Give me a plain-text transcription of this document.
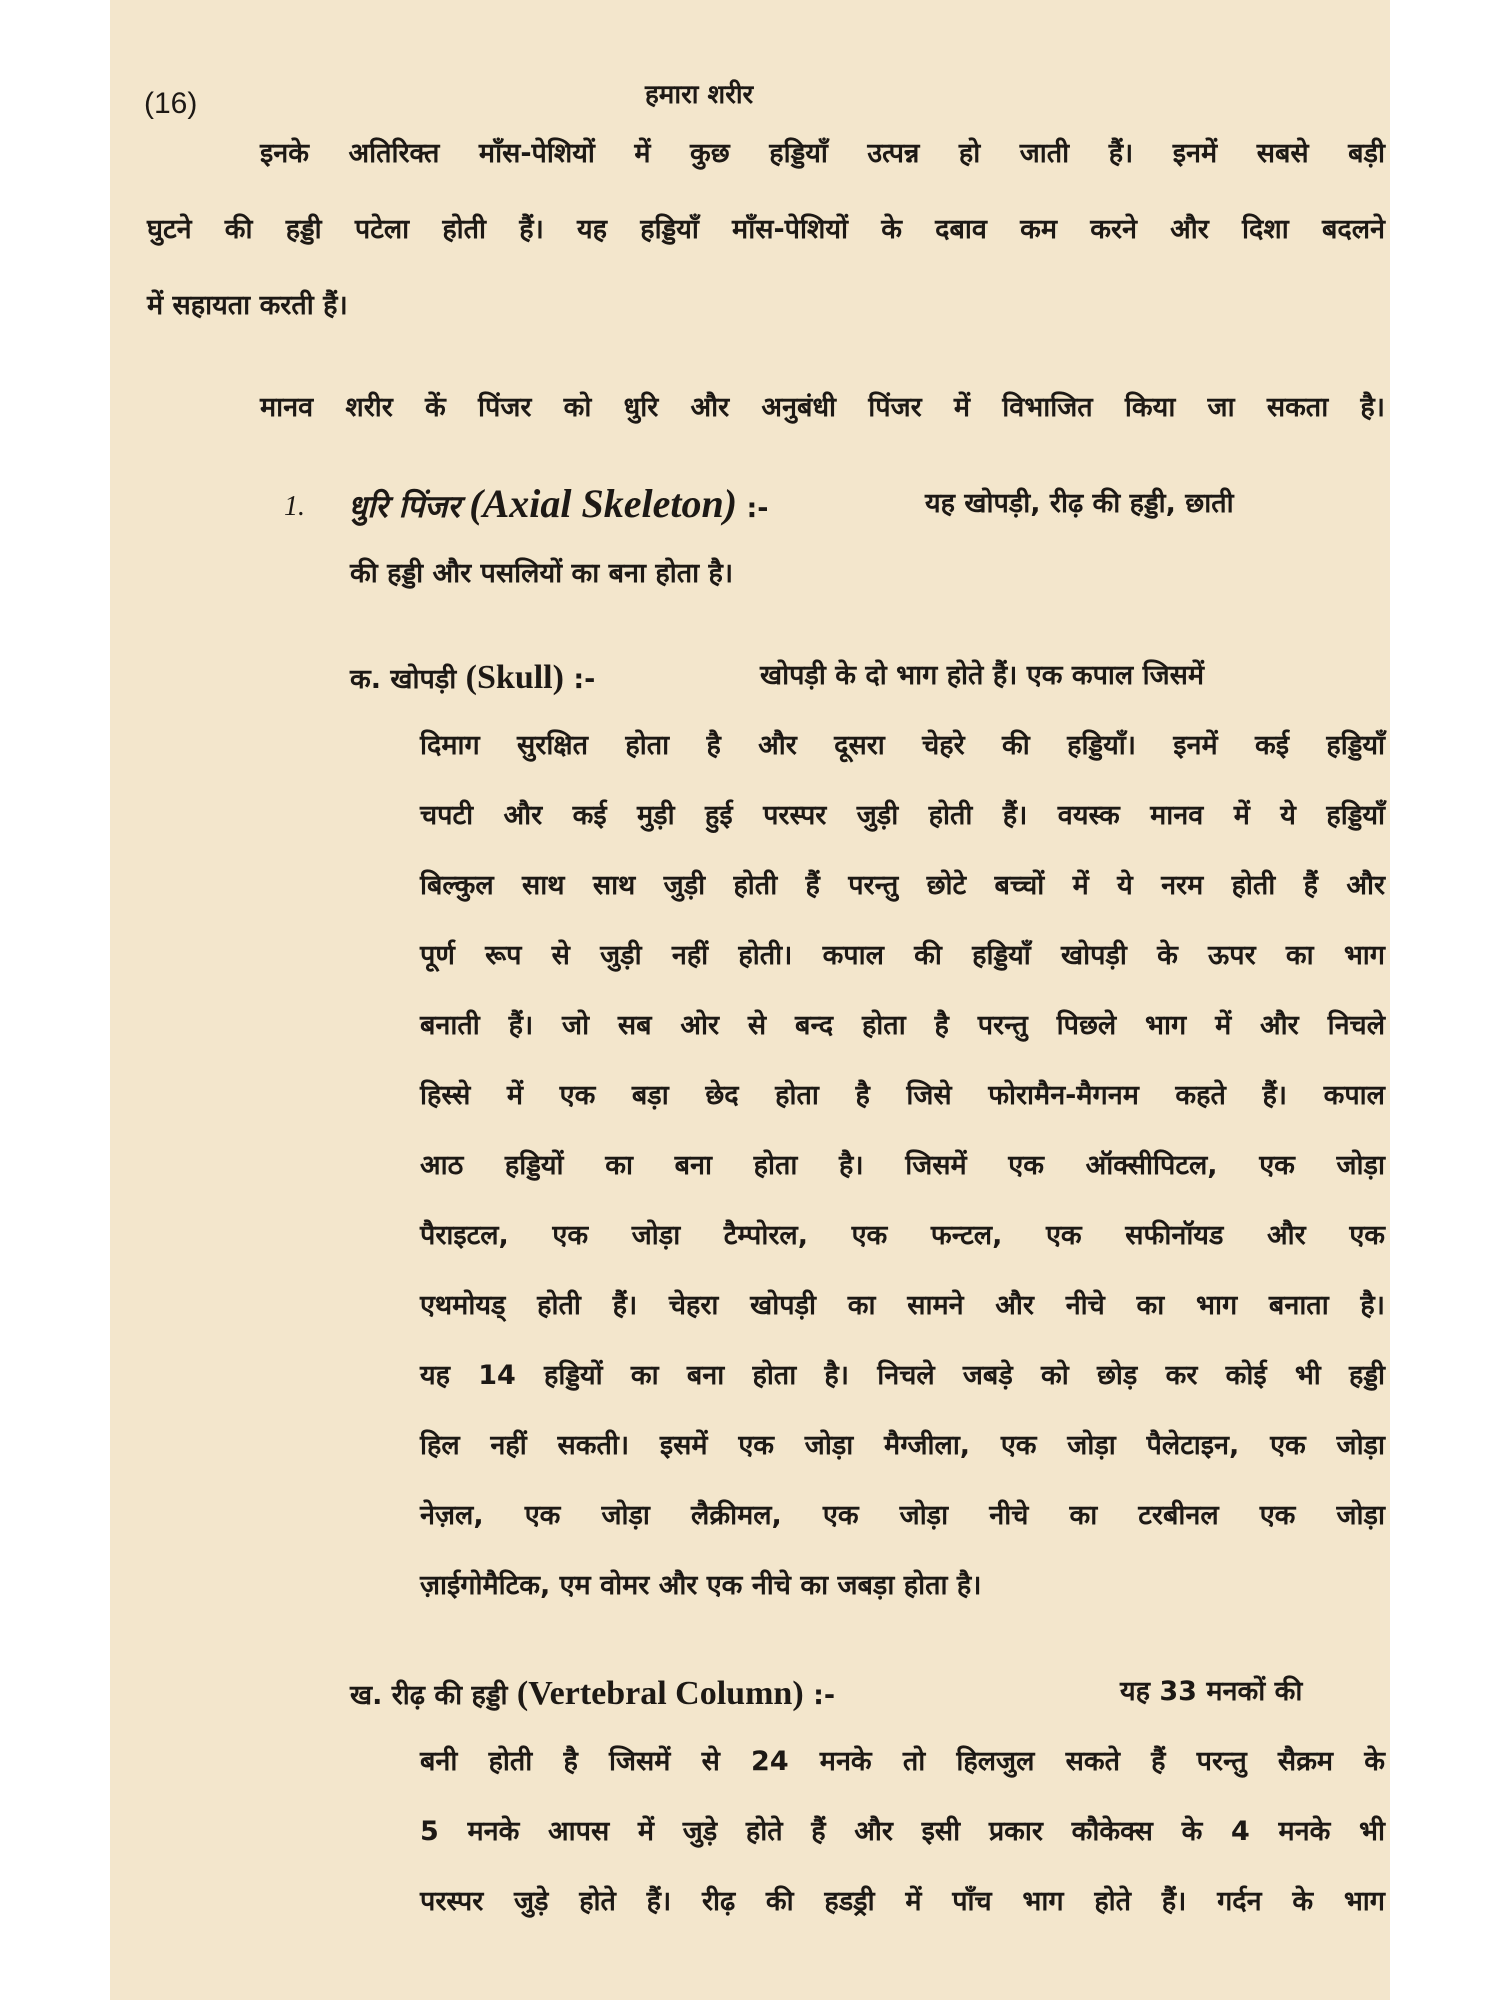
(16)	हमारा शरीर

इनके अतिरिक्त माँस-पेशियों में कुछ हड्डियाँ उत्पन्न हो जाती हैं। इनमें सबसे बड़ी

घुटने की हड्डी पटेला होती हैं। यह हड्डियाँ माँस-पेशियों के दबाव कम करने और दिशा बदलने

में सहायता करती हैं।

मानव शरीर कें पिंजर को धुरि और अनुबंधी पिंजर में विभाजित किया जा सकता है।

1. धुरि पिंजर (Axial Skeleton) :-	यह खोपड़ी, रीढ़ की हड्डी, छाती

की हड्डी और पसलियों का बना होता है।

क. खोपड़ी (Skull) :-	खोपड़ी के दो भाग होते हैं। एक कपाल जिसमें

दिमाग सुरक्षित होता है और दूसरा चेहरे की हड्डियाँ। इनमें कई हड्डियाँ

चपटी और कई मुड़ी हुई परस्पर जुड़ी होती हैं। वयस्क मानव में ये हड्डियाँ

बिल्कुल साथ साथ जुड़ी होती हैं परन्तु छोटे बच्चों में ये नरम होती हैं और

पूर्ण रूप से जुड़ी नहीं होती। कपाल की हड्डियाँ खोपड़ी के ऊपर का भाग

बनाती हैं। जो सब ओर से बन्द होता है परन्तु पिछले भाग में और निचले

हिस्से में एक बड़ा छेद होता है जिसे फोरामैन-मैगनम कहते हैं। कपाल

आठ हड्डियों का बना होता है। जिसमें एक ऑक्सीपिटल, एक जोड़ा

पैराइटल, एक जोड़ा टैम्पोरल, एक फन्टल, एक सफीनॉयड और एक

एथमोयड् होती हैं। चेहरा खोपड़ी का सामने और नीचे का भाग बनाता है।

यह 14 हड्डियों का बना होता है। निचले जबड़े को छोड़ कर कोई भी हड्डी

हिल नहीं सकती। इसमें एक जोड़ा मैग्जीला, एक जोड़ा पैलेटाइन, एक जोड़ा

नेज़ल, एक जोड़ा लैक्रीमल, एक जोड़ा नीचे का टरबीनल एक जोड़ा

ज़ाईगोमैटिक, एम वोमर और एक नीचे का जबड़ा होता है।

ख. रीढ़ की हड्डी (Vertebral Column) :-	यह 33 मनकों की

बनी होती है जिसमें से 24 मनके तो हिलजुल सकते हैं परन्तु सैक्रम के

5 मनके आपस में जुड़े होते हैं और इसी प्रकार कौकेक्स के 4 मनके भी

परस्पर जुड़े होते हैं। रीढ़ की हडड्री में पाँच भाग होते हैं। गर्दन के भाग
